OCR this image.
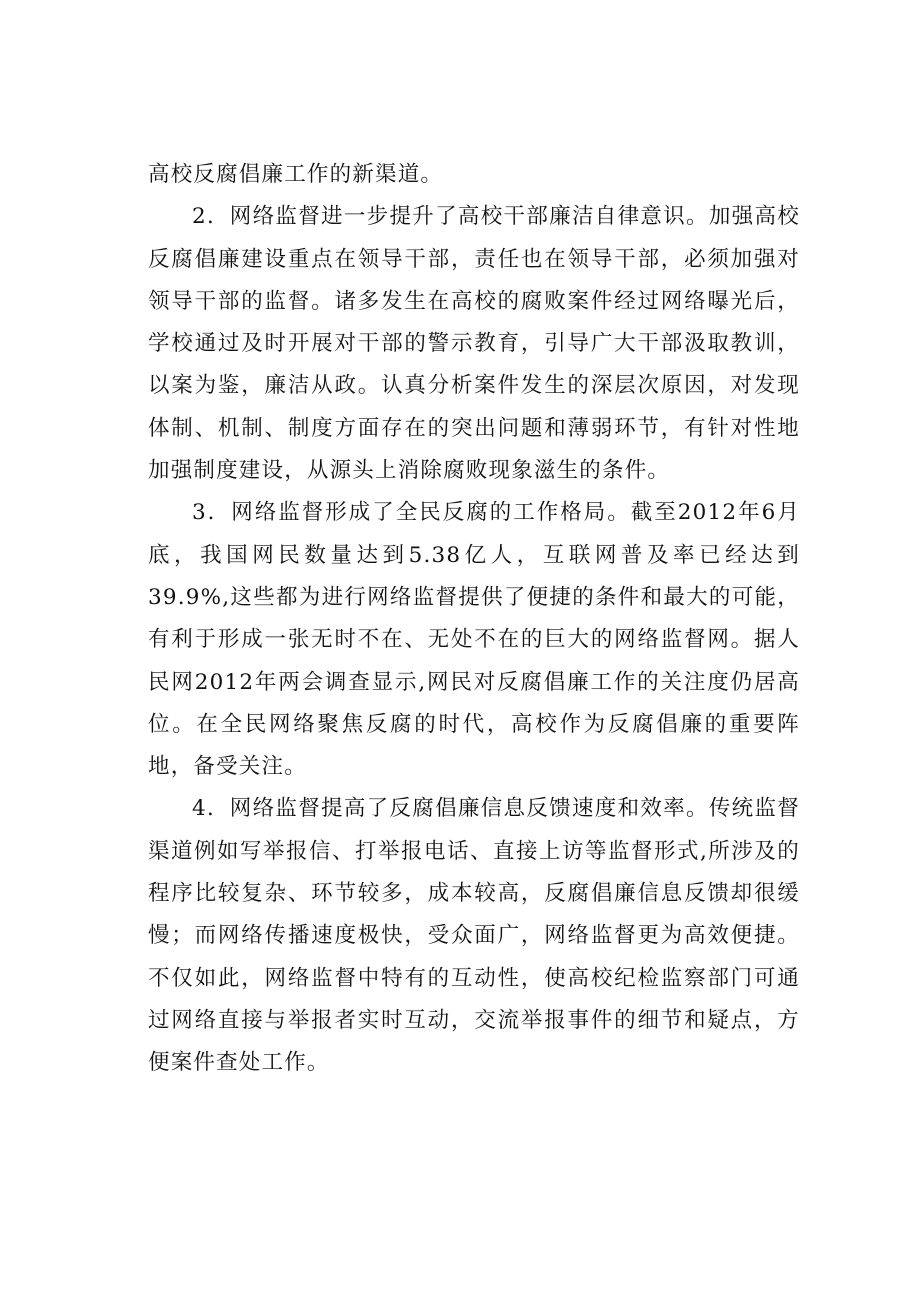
高校反腐倡廉工作的新渠道。

2．网络监督进一步提升了高校干部廉洁自律意识。加强高校反腐倡廉建设重点在领导干部，责任也在领导干部，必须加强对领导干部的监督。诸多发生在高校的腐败案件经过网络曝光后，学校通过及时开展对干部的警示教育，引导广大干部汲取教训，以案为鉴，廉洁从政。认真分析案件发生的深层次原因，对发现体制、机制、制度方面存在的突出问题和薄弱环节，有针对性地加强制度建设，从源头上消除腐败现象滋生的条件。

3．网络监督形成了全民反腐的工作格局。截至2012年6月底，我国网民数量达到5.38亿人，互联网普及率已经达到39.9%,这些都为进行网络监督提供了便捷的条件和最大的可能，有利于形成一张无时不在、无处不在的巨大的网络监督网。据人民网2012年两会调查显示,网民对反腐倡廉工作的关注度仍居高位。在全民网络聚焦反腐的时代，高校作为反腐倡廉的重要阵地，备受关注。

4．网络监督提高了反腐倡廉信息反馈速度和效率。传统监督渠道例如写举报信、打举报电话、直接上访等监督形式,所涉及的程序比较复杂、环节较多，成本较高，反腐倡廉信息反馈却很缓慢；而网络传播速度极快，受众面广，网络监督更为高效便捷。不仅如此，网络监督中特有的互动性，使高校纪检监察部门可通过网络直接与举报者实时互动，交流举报事件的细节和疑点，方便案件查处工作。
